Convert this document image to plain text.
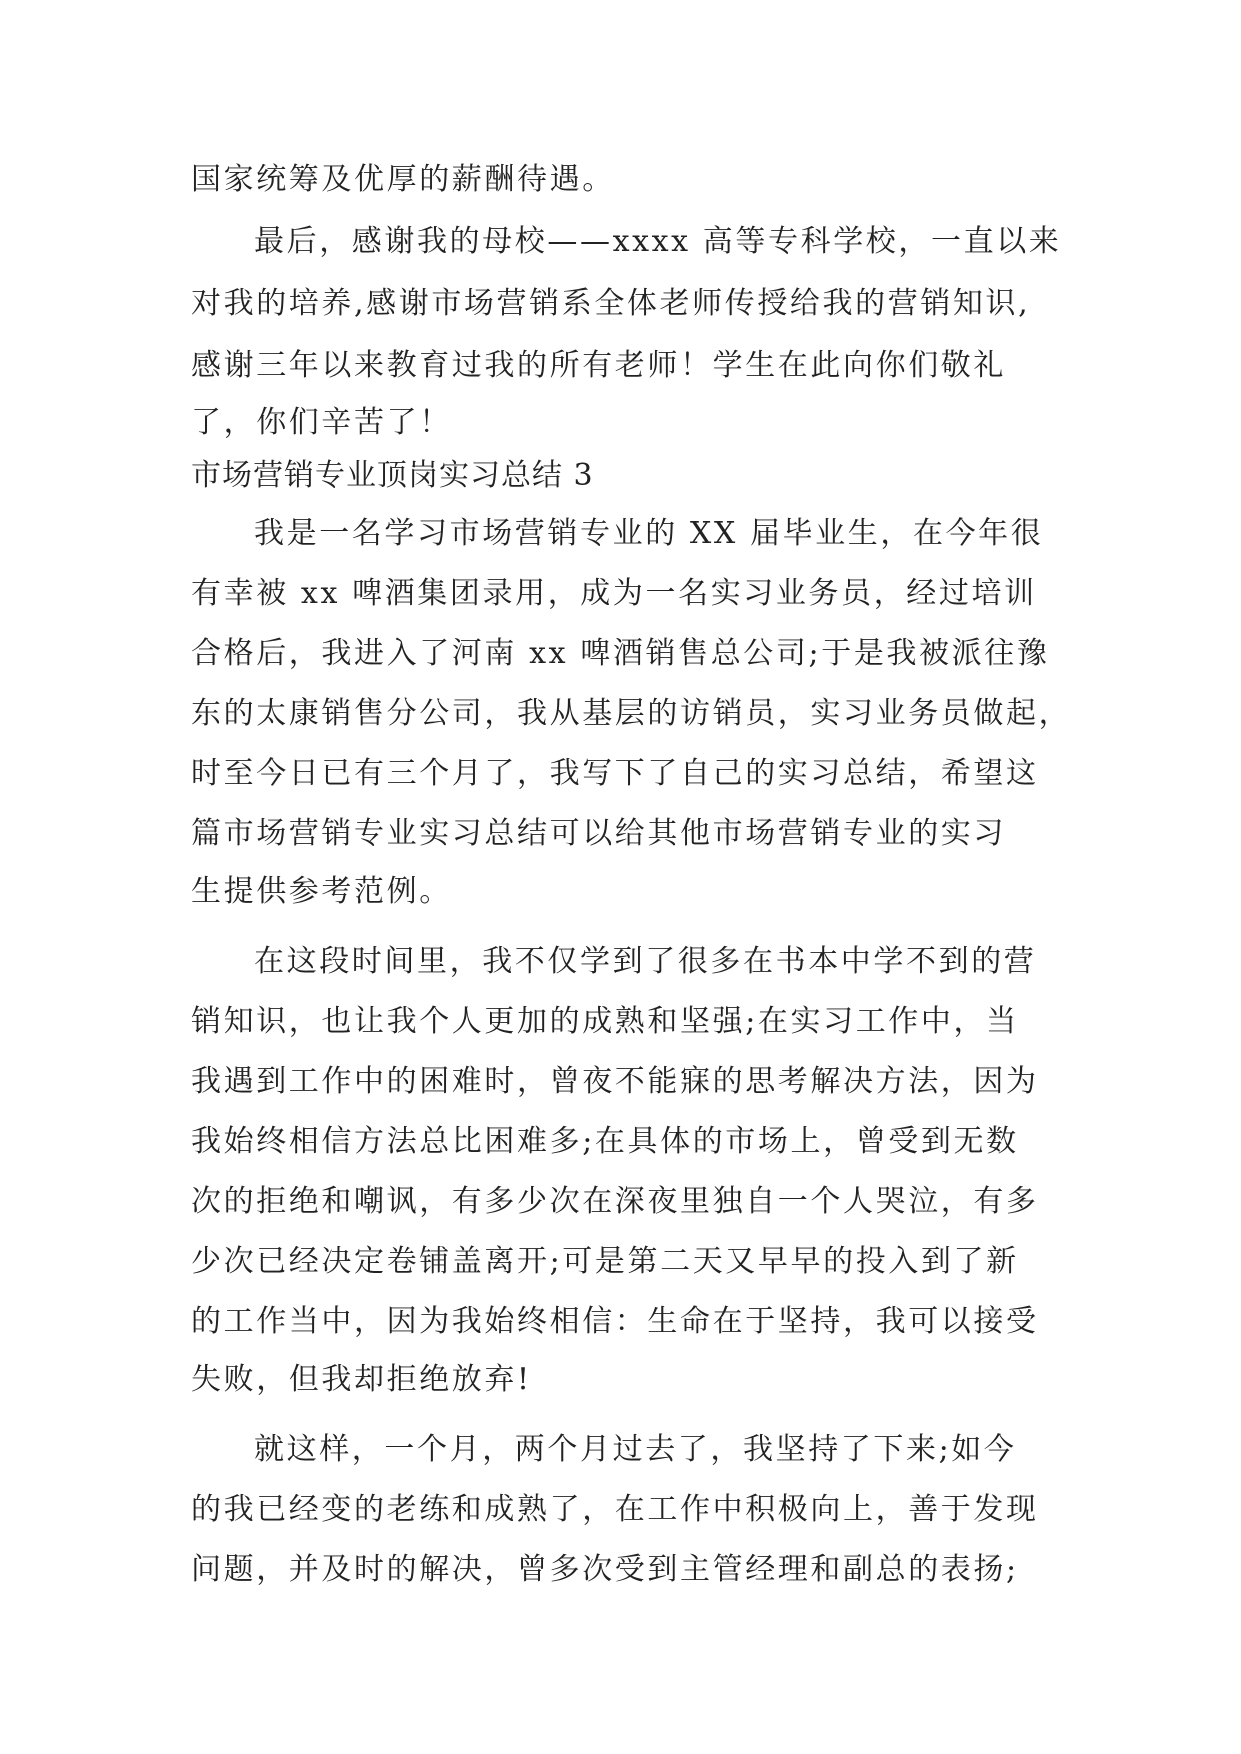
国家统筹及优厚的薪酬待遇。
最后，感谢我的母校——xxxx 高等专科学校，一直以来
对我的培养,感谢市场营销系全体老师传授给我的营销知识,
感谢三年以来教育过我的所有老师！学生在此向你们敬礼
了，你们辛苦了！
市场营销专业顶岗实习总结 3
我是一名学习市场营销专业的 XX 届毕业生，在今年很
有幸被 xx 啤酒集团录用，成为一名实习业务员，经过培训
合格后，我进入了河南 xx 啤酒销售总公司;于是我被派往豫
东的太康销售分公司，我从基层的访销员，实习业务员做起，
时至今日已有三个月了，我写下了自己的实习总结，希望这
篇市场营销专业实习总结可以给其他市场营销专业的实习
生提供参考范例。
在这段时间里，我不仅学到了很多在书本中学不到的营
销知识，也让我个人更加的成熟和坚强;在实习工作中，当
我遇到工作中的困难时，曾夜不能寐的思考解决方法，因为
我始终相信方法总比困难多;在具体的市场上，曾受到无数
次的拒绝和嘲讽，有多少次在深夜里独自一个人哭泣，有多
少次已经决定卷铺盖离开;可是第二天又早早的投入到了新
的工作当中，因为我始终相信：生命在于坚持，我可以接受
失败，但我却拒绝放弃!
就这样，一个月，两个月过去了，我坚持了下来;如今
的我已经变的老练和成熟了，在工作中积极向上，善于发现
问题，并及时的解决，曾多次受到主管经理和副总的表扬;
